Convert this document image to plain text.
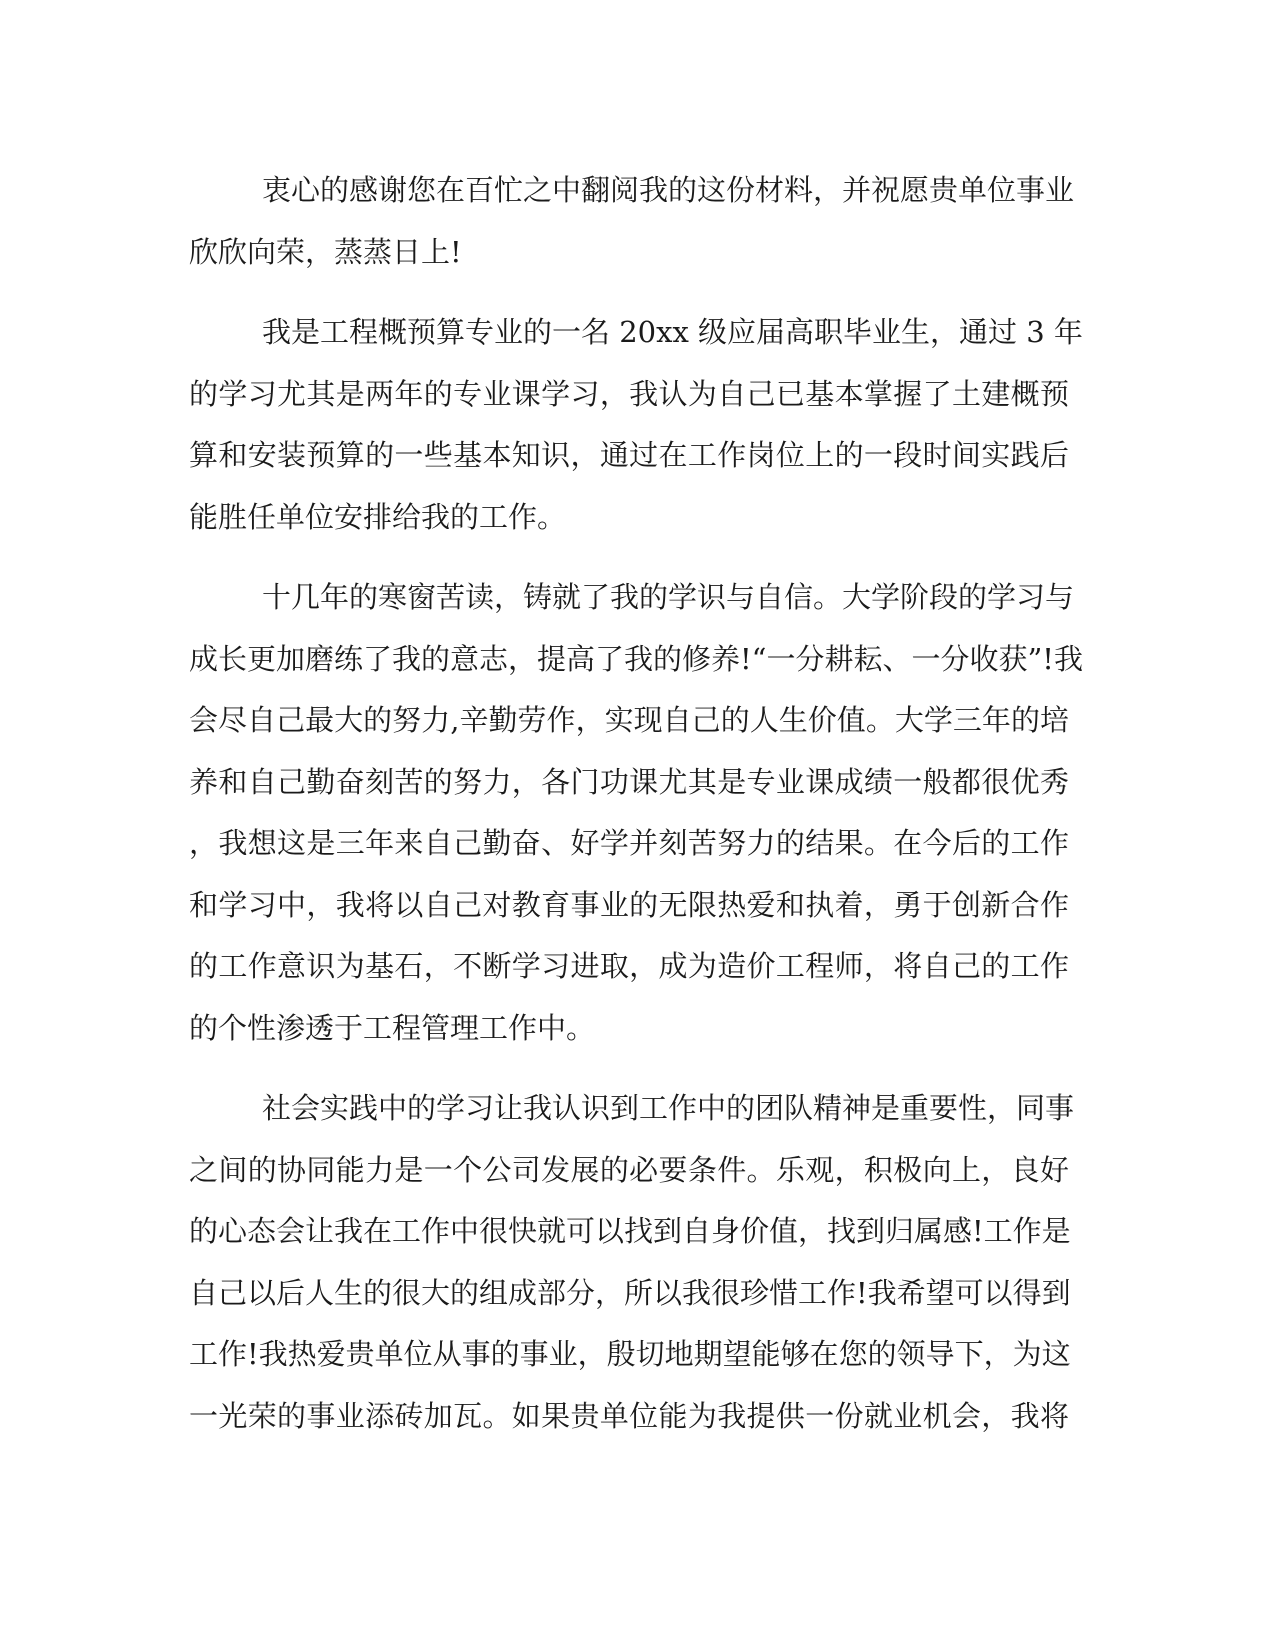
衷心的感谢您在百忙之中翻阅我的这份材料，并祝愿贵单位事业
欣欣向荣，蒸蒸日上!
我是工程概预算专业的一名 20xx 级应届高职毕业生，通过 3 年
的学习尤其是两年的专业课学习，我认为自己已基本掌握了土建概预
算和安装预算的一些基本知识，通过在工作岗位上的一段时间实践后
能胜任单位安排给我的工作。
十几年的寒窗苦读，铸就了我的学识与自信。大学阶段的学习与
成长更加磨练了我的意志，提高了我的修养!“一分耕耘、一分收获”!我
会尽自己最大的努力,辛勤劳作，实现自己的人生价值。大学三年的培
养和自己勤奋刻苦的努力，各门功课尤其是专业课成绩一般都很优秀
，我想这是三年来自己勤奋、好学并刻苦努力的结果。在今后的工作
和学习中，我将以自己对教育事业的无限热爱和执着，勇于创新合作
的工作意识为基石，不断学习进取，成为造价工程师，将自己的工作
的个性渗透于工程管理工作中。
社会实践中的学习让我认识到工作中的团队精神是重要性，同事
之间的协同能力是一个公司发展的必要条件。乐观，积极向上，良好
的心态会让我在工作中很快就可以找到自身价值，找到归属感!工作是
自己以后人生的很大的组成部分，所以我很珍惜工作!我希望可以得到
工作!我热爱贵单位从事的事业，殷切地期望能够在您的领导下，为这
一光荣的事业添砖加瓦。如果贵单位能为我提供一份就业机会，我将
